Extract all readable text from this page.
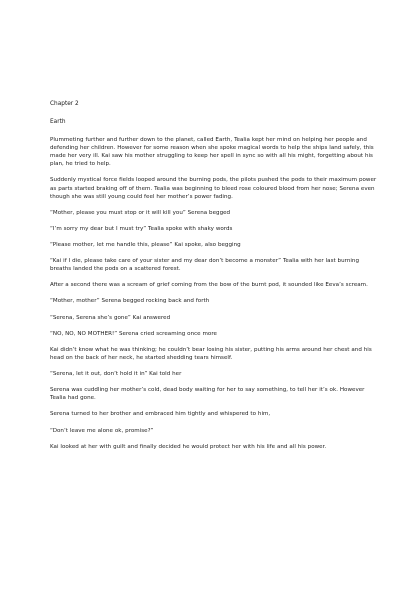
Chapter 2

Earth

Plummeting further and further down to the planet, called Earth, Tealia kept her mind on helping her people and defending her children. However for some reason when she spoke magical words to help the ships land safely, this made her very ill. Kai saw his mother struggling to keep her spell in sync so with all his might, forgetting about his plan, he tried to help.

Suddenly mystical force fields looped around the burning pods, the pilots pushed the pods to their maximum power as parts started braking off of them. Tealia was beginning to bleed rose coloured blood from her nose; Serena even though she was still young could feel her mother’s power fading.

“Mother, please you must stop or it will kill you” Serena begged

“I’m sorry my dear but I must try” Tealia spoke with shaky words

“Please mother, let me handle this, please” Kai spoke, also begging

“Kai if I die, please take care of your sister and my dear don’t become a monster” Tealia with her last burning breaths landed the pods on a scattered forest.

After a second there was a scream of grief coming from the bow of the burnt pod, it sounded like Eeva’s scream.

“Mother, mother” Serena begged rocking back and forth

“Serena, Serena she’s gone” Kai answered

“NO, NO, NO MOTHER!” Serena cried screaming once more

Kai didn’t know what he was thinking; he couldn’t bear losing his sister, putting his arms around her chest and his head on the back of her neck, he started shedding tears himself.

“Serena, let it out, don’t hold it in” Kai told her

Serena was cuddling her mother’s cold, dead body waiting for her to say something, to tell her it’s ok. However Tealia had gone.

Serena turned to her brother and embraced him tightly and whispered to him,

“Don’t leave me alone ok, promise?”

Kai looked at her with guilt and finally decided he would protect her with his life and all his power.
